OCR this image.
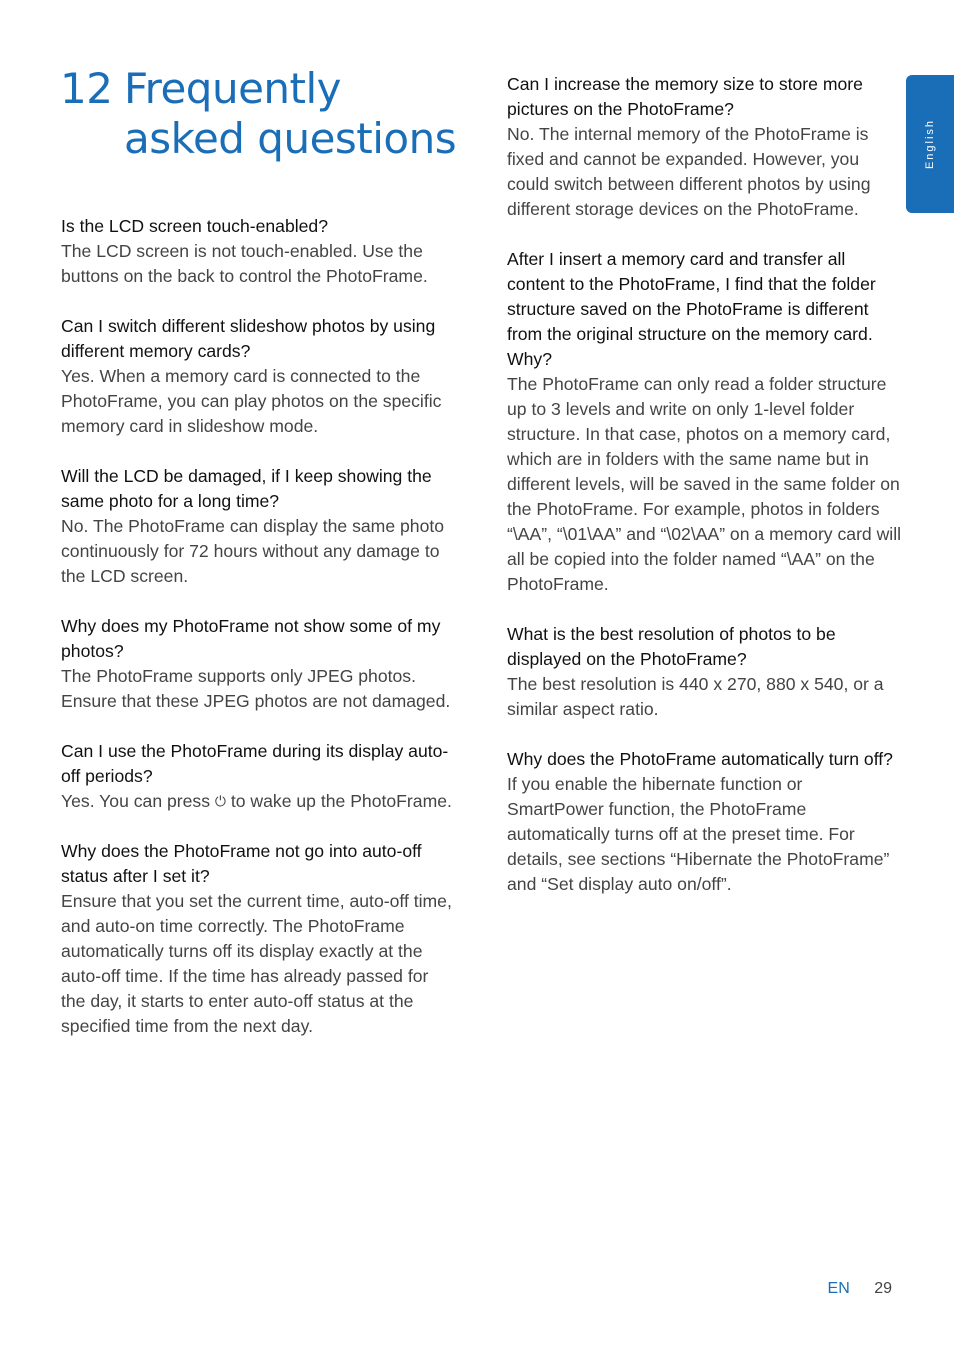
12 Frequently
asked questions	English
Is the LCD screen touch-enabled?
The LCD screen is not touch-enabled. Use the buttons on the back to control the PhotoFrame.
Can I switch different slideshow photos by using different memory cards?
Yes. When a memory card is connected to the PhotoFrame, you can play photos on the specific memory card in slideshow mode.
Will the LCD be damaged, if I keep showing the same photo for a long time?
No. The PhotoFrame can display the same photo continuously for 72 hours without any damage to the LCD screen.
Why does my PhotoFrame not show some of my photos?
The PhotoFrame supports only JPEG photos. Ensure that these JPEG photos are not damaged.
Can I use the PhotoFrame during its display auto-off periods?
Yes. You can press ⏻ to wake up the PhotoFrame.
Why does the PhotoFrame not go into auto-off status after I set it?
Ensure that you set the current time, auto-off time, and auto-on time correctly. The PhotoFrame automatically turns off its display exactly at the auto-off time. If the time has already passed for the day, it starts to enter auto-off status at the specified time from the next day.
Can I increase the memory size to store more pictures on the PhotoFrame?
No. The internal memory of the PhotoFrame is fixed and cannot be expanded. However, you could switch between different photos by using different storage devices on the PhotoFrame.
After I insert a memory card and transfer all content to the PhotoFrame, I find that the folder structure saved on the PhotoFrame is different from the original structure on the memory card. Why?
The PhotoFrame can only read a folder structure up to 3 levels and write on only 1-level folder structure. In that case, photos on a memory card, which are in folders with the same name but in different levels, will be saved in the same folder on the PhotoFrame. For example, photos in folders “\AA”, “\01\AA” and “\02\AA” on a memory card will all be copied into the folder named “\AA” on the PhotoFrame.
What is the best resolution of photos to be displayed on the PhotoFrame?
The best resolution is 440 x 270, 880 x 540, or a similar aspect ratio.
Why does the PhotoFrame automatically turn off?
If you enable the hibernate function or SmartPower function, the PhotoFrame automatically turns off at the preset time. For details, see sections “Hibernate the PhotoFrame” and “Set display auto on/off”.
EN 29
